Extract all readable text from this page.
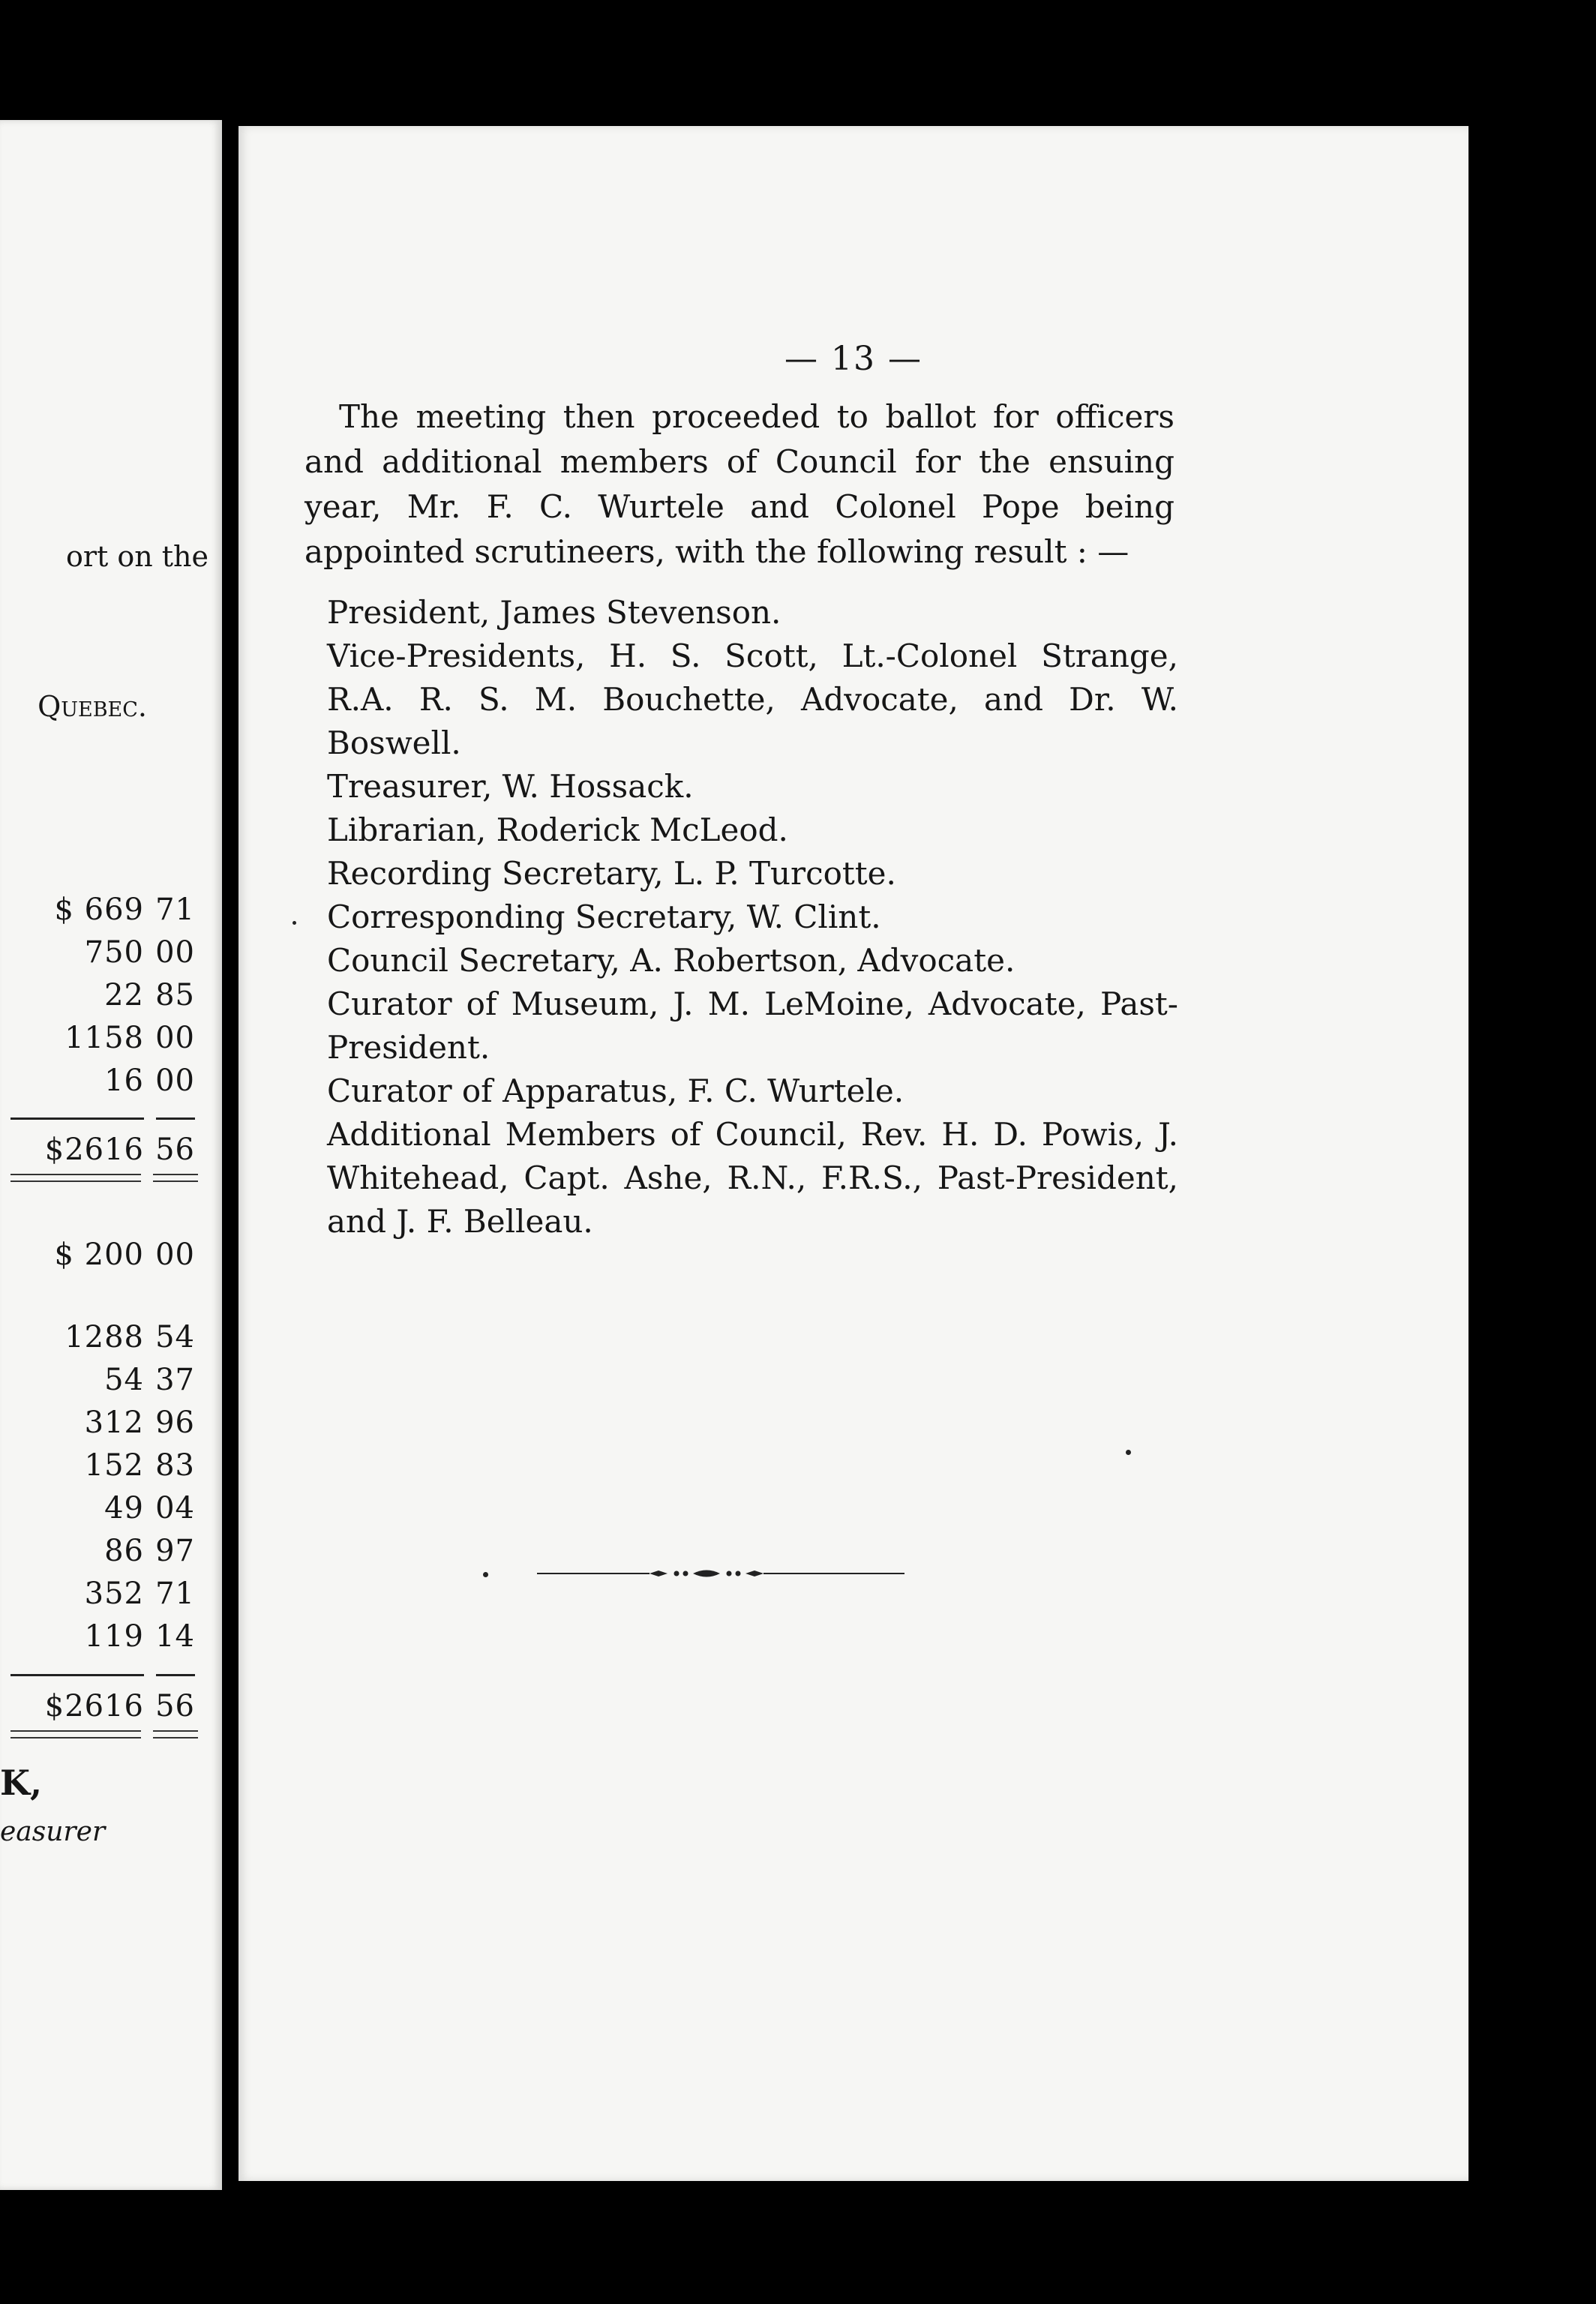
ort on the
Quebec.
$ 669 71
750 00
22 85
1158 00
16 00
$2616 56
$ 200 00
1288 54
54 37
312 96
152 83
49 04
86 97
352 71
119 14
$2616 56
K,
easurer
— 13 —

The meeting then proceeded to ballot for officers and additional members of Council for the ensuing year, Mr. F. C. Wurtele and Colonel Pope being appointed scrutineers, with the following result : —

President, James Stevenson.
Vice-Presidents, H. S. Scott, Lt.-Colonel Strange, R.A. R. S. M. Bouchette, Advocate, and Dr. W. Boswell.
Treasurer, W. Hossack.
Librarian, Roderick McLeod.
Recording Secretary, L. P. Turcotte.
Corresponding Secretary, W. Clint.
Council Secretary, A. Robertson, Advocate.
Curator of Museum, J. M. LeMoine, Advocate, Past-President.
Curator of Apparatus, F. C. Wurtele.
Additional Members of Council, Rev. H. D. Powis, J. Whitehead, Capt. Ashe, R.N., F.R.S., Past-President, and J. F. Belleau.
